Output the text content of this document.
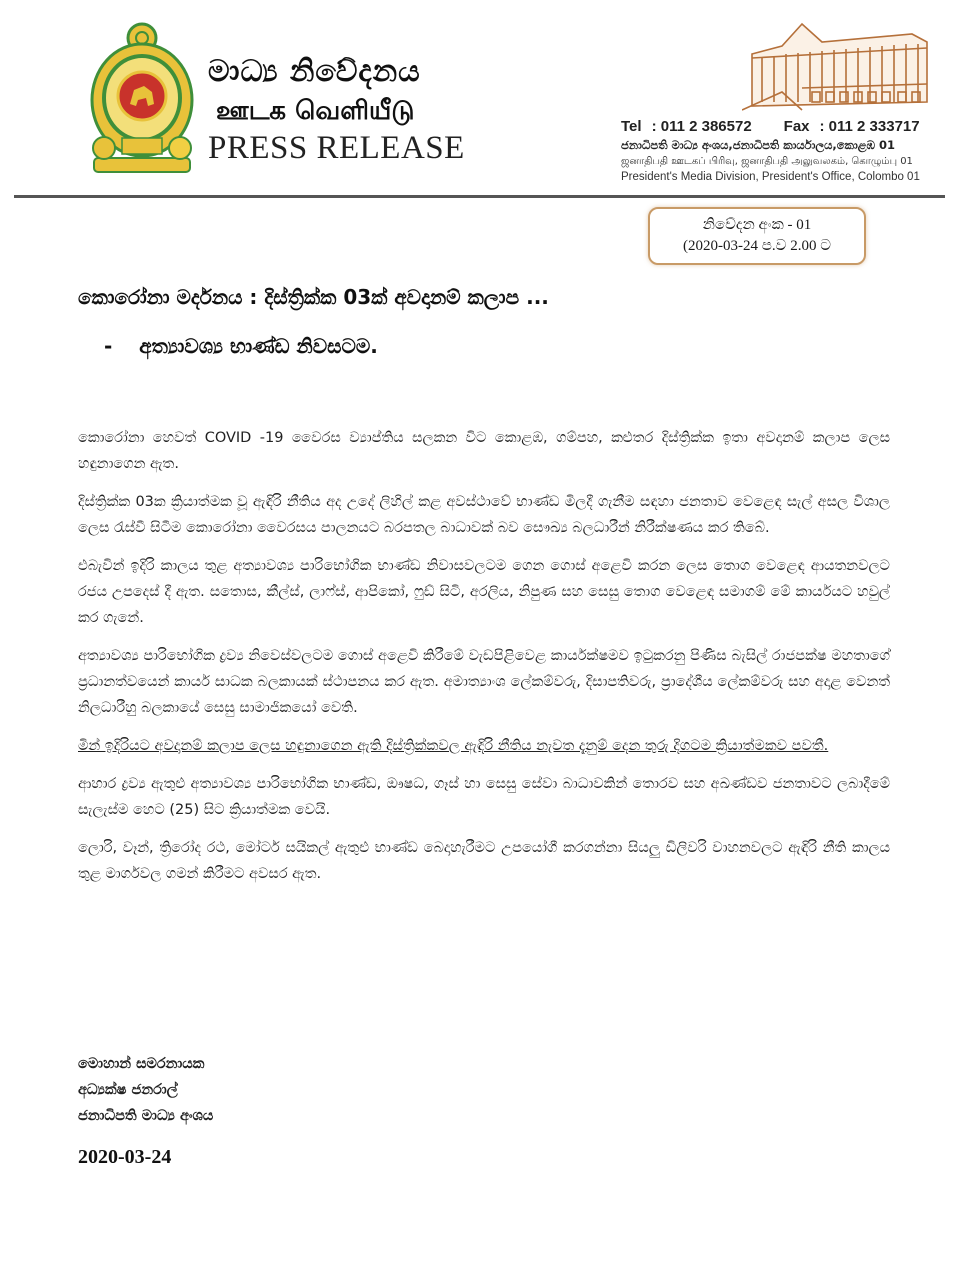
මාධ්‍ය නිවේදනය
ஊடக வெளியீடு
PRESS RELEASE
Tel : 011 2 386572 Fax : 011 2 333717
ජනාධිපති මාධ්‍ය අංශය,ජනාධිපති කාර්යාලය,කොළඹ 01
ஜனாதிபதி ஊடகப் பிரிவு, ஜனாதிபதி அலுவலகம், கொழும்பு 01
President's Media Division, President's Office, Colombo 01
නිවේදන අංක - 01
(2020-03-24 ප.ව 2.00 ට
කොරෝනා මර්දනය : දිස්ත්‍රික්ක 03ක් අවදානම් කලාප ...
- අත්‍යාවශ්‍ය භාණ්ඩ නිවසටම.

කොරෝනා හෙවත් COVID -19 වෛරස ව්‍යාප්තිය සලකන විට කොළඹ, ගම්පහ, කළුතර දිස්ත්‍රික්ක ඉතා අවදානම් කලාප ලෙස හඳුනාගෙන ඇත.

දිස්ත්‍රික්ක 03ක ක්‍රියාත්මක වූ ඇඳිරි නීතිය අද උදේ ලිහිල් කළ අවස්ථාවේ භාණ්ඩ මිලදී ගැනීම සඳහා ජනතාව වෙළෙඳ සැල් අසල විශාල ලෙස රැස්වී සිටීම කොරෝනා වෛරසය පාලනයට බරපතල බාධාවක් බව සෞඛ්‍ය බලධාරීන් නිරීක්ෂණය කර තිබේ.

එබැවින් ඉදිරි කාලය තුළ අත්‍යාවශ්‍ය පාරිභෝගික භාණ්ඩ නිවාසවලටම ගෙන ගොස් අළෙවි කරන ලෙස තොග වෙළෙඳ ආයතනවලට රජය උපදෙස් දී ඇත. සතොස, කීල්ස්, ලාෆ්ස්, ආපිකෝ, ෆුඩ් සිටි, අරලිය, නිපුණ සහ සෙසු තොග වෙළෙඳ සමාගම් මේ කාර්යයට හවුල් කර ගැනේ.

අත්‍යාවශ්‍ය පාරිභෝගික ද්‍රව්‍ය නිවෙස්වලටම ගොස් අළෙවි කිරීමේ වැඩපිළිවෙළ කාර්යක්ෂමව ඉටුකරනු පිණිස බැසිල් රාජපක්ෂ මහතාගේ ප්‍රධානත්වයෙන් කාර්ය සාධක බලකායක් ස්ථාපනය කර ඇත. අමාත්‍යාංශ ලේකම්වරු, දිසාපතිවරු, ප්‍රාදේශීය ලේකම්වරු සහ අදාළ වෙනත් නිලධාරීහු බලකායේ සෙසු සාමාජිකයෝ වෙති.

මින් ඉදිරියට අවදානම් කලාප ලෙස හඳුනාගෙන ඇති දිස්ත්‍රික්කවල ඇඳිරි නීතිය නැවත දැනුම් දෙන තුරු දිගටම ක්‍රියාත්මකව පවතී.

ආහාර ද්‍රව්‍ය ඇතුළු අත්‍යාවශ්‍ය පාරිභෝගික භාණ්ඩ, ඖෂධ, ගෑස් හා සෙසු සේවා බාධාවකින් තොරව සහ අඛණ්ඩව ජනතාවට ලබාදීමේ සැලැස්ම හෙට (25) සිට ක්‍රියාත්මක වෙයි.

ලොරි, වෑන්, ත්‍රිරෝද රථ, මෝටර් සයිකල් ඇතුළු භාණ්ඩ බෙදාහැරීමට උපයෝගී කරගන්නා සියලු ඩිලිවරි වාහනවලට ඇඳිරි නීති කාලය තුළ මාර්ගවල ගමන් කිරීමට අවසර ඇත.

මොහාන් සමරනායක
අධ්‍යක්ෂ ජනරාල්
ජනාධිපති මාධ්‍ය අංශය
2020-03-24
